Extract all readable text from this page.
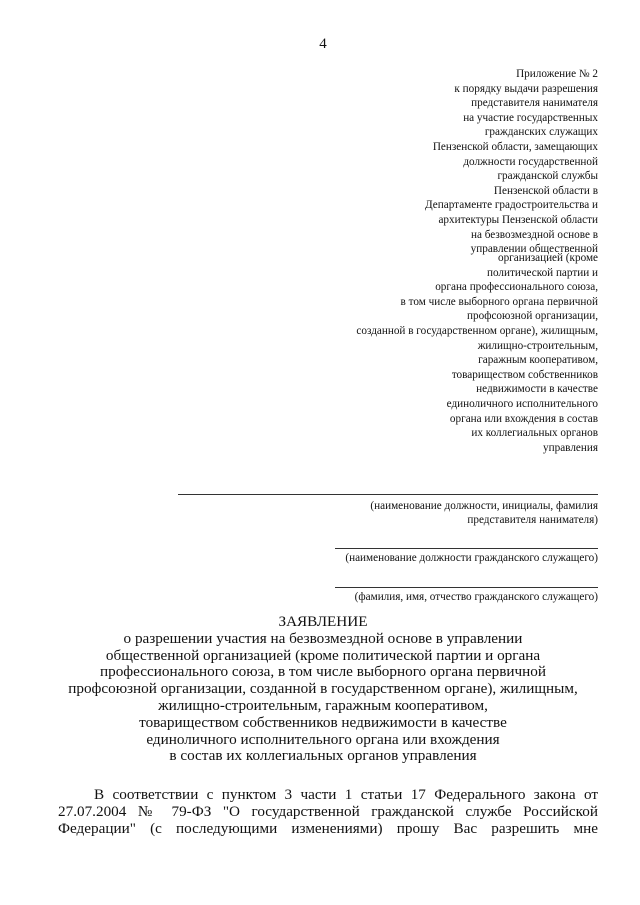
4
Приложение № 2
к порядку выдачи разрешения
представителя нанимателя
на участие государственных
гражданских служащих
Пензенской области, замещающих
должности государственной
гражданской службы
Пензенской области в
Департаменте градостроительства и
архитектуры Пензенской области
на безвозмездной основе в
управлении общественной
организацией (кроме
политической партии и
органа профессионального союза,
в том числе выборного органа первичной
профсоюзной организации,
созданной в государственном органе), жилищным,
жилищно-строительным,
гаражным кооперативом,
товариществом собственников
недвижимости в качестве
единоличного исполнительного
органа или вхождения в состав
их коллегиальных органов
управления
(наименование должности, инициалы, фамилия
представителя нанимателя)
(наименование должности гражданского служащего)
(фамилия, имя, отчество гражданского служащего)
ЗАЯВЛЕНИЕ
о разрешении участия на безвозмездной основе в управлении
общественной организацией (кроме политической партии и органа
профессионального союза, в том числе выборного органа первичной
профсоюзной организации, созданной в государственном органе), жилищным,
жилищно-строительным, гаражным кооперативом,
товариществом собственников недвижимости в качестве
единоличного исполнительного органа или вхождения
в состав их коллегиальных органов управления
В соответствии с пунктом 3 части 1 статьи 17 Федерального закона от
27.07.2004 № 79-ФЗ "О государственной гражданской службе Российской
Федерации" (с последующими изменениями) прошу Вас разрешить мне
